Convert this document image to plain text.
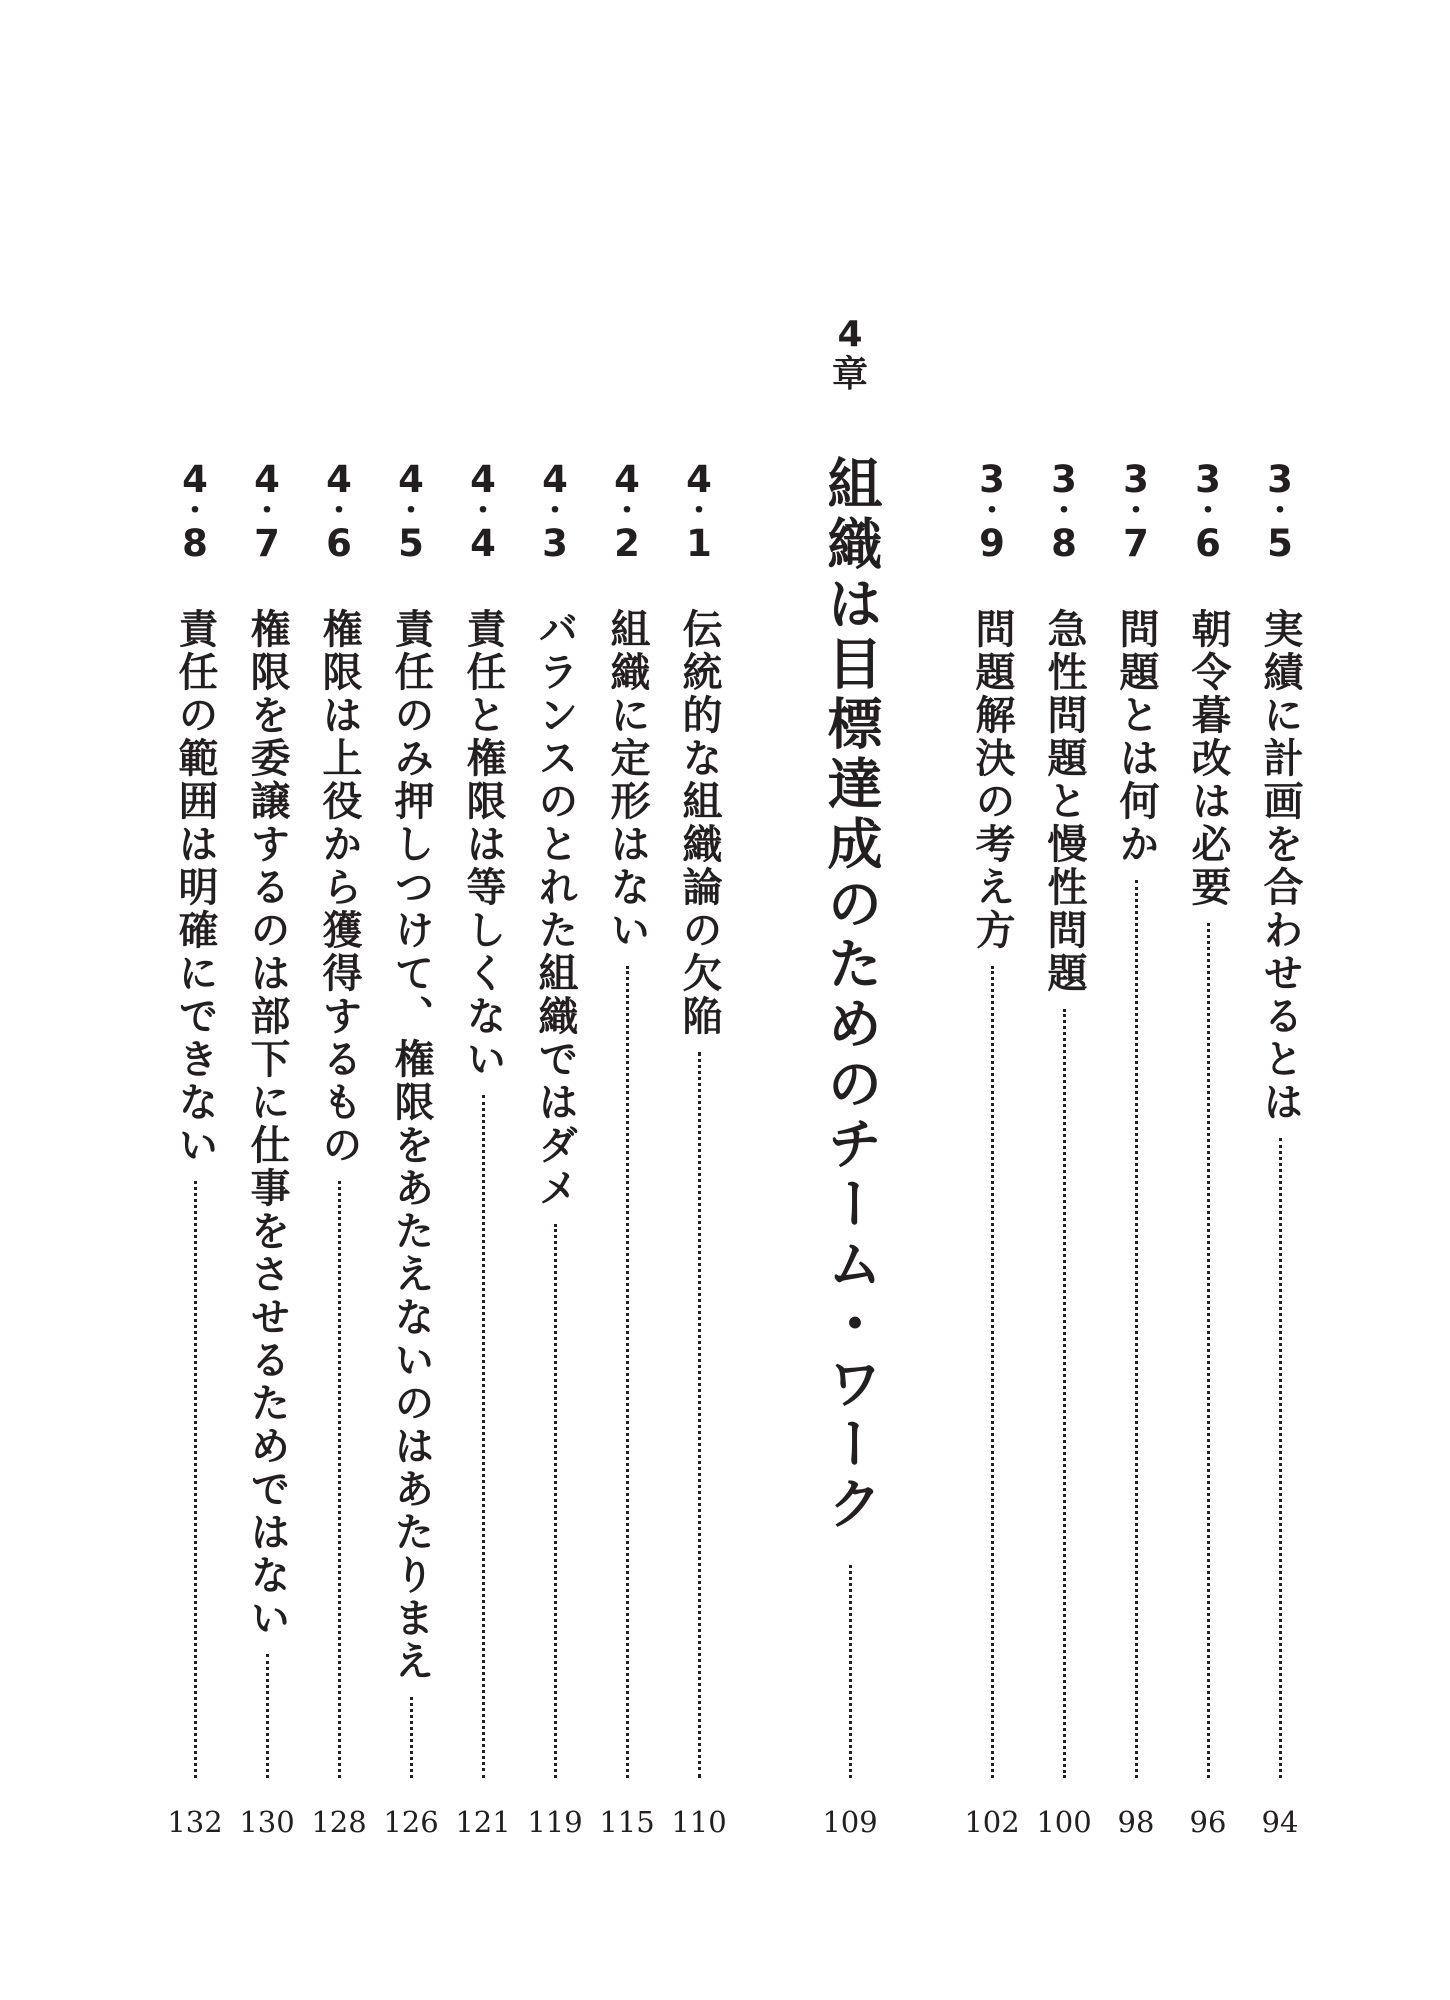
3
・
5
実績に計画を合わせるとは
94
3
・
6
朝令暮改は必要
96
3
・
7
問題とは何か
98
3
・
8
急性問題と慢性問題
100
3
・
9
問題解決の考え方
102
4
章
組織は目標達成のためのチーム・ワーク
109
4
・
1
伝統的な組織論の欠陥
110
4
・
2
組織に定形はない
115
4
・
3
バランスのとれた組織ではダメ
119
4
・
4
責任と権限は等しくない
121
4
・
5
責任のみ押しつけて、権限をあたえないのはあたりまえ
126
4
・
6
権限は上役から獲得するもの
128
4
・
7
権限を委譲するのは部下に仕事をさせるためではない
130
4
・
8
責任の範囲は明確にできない
132
